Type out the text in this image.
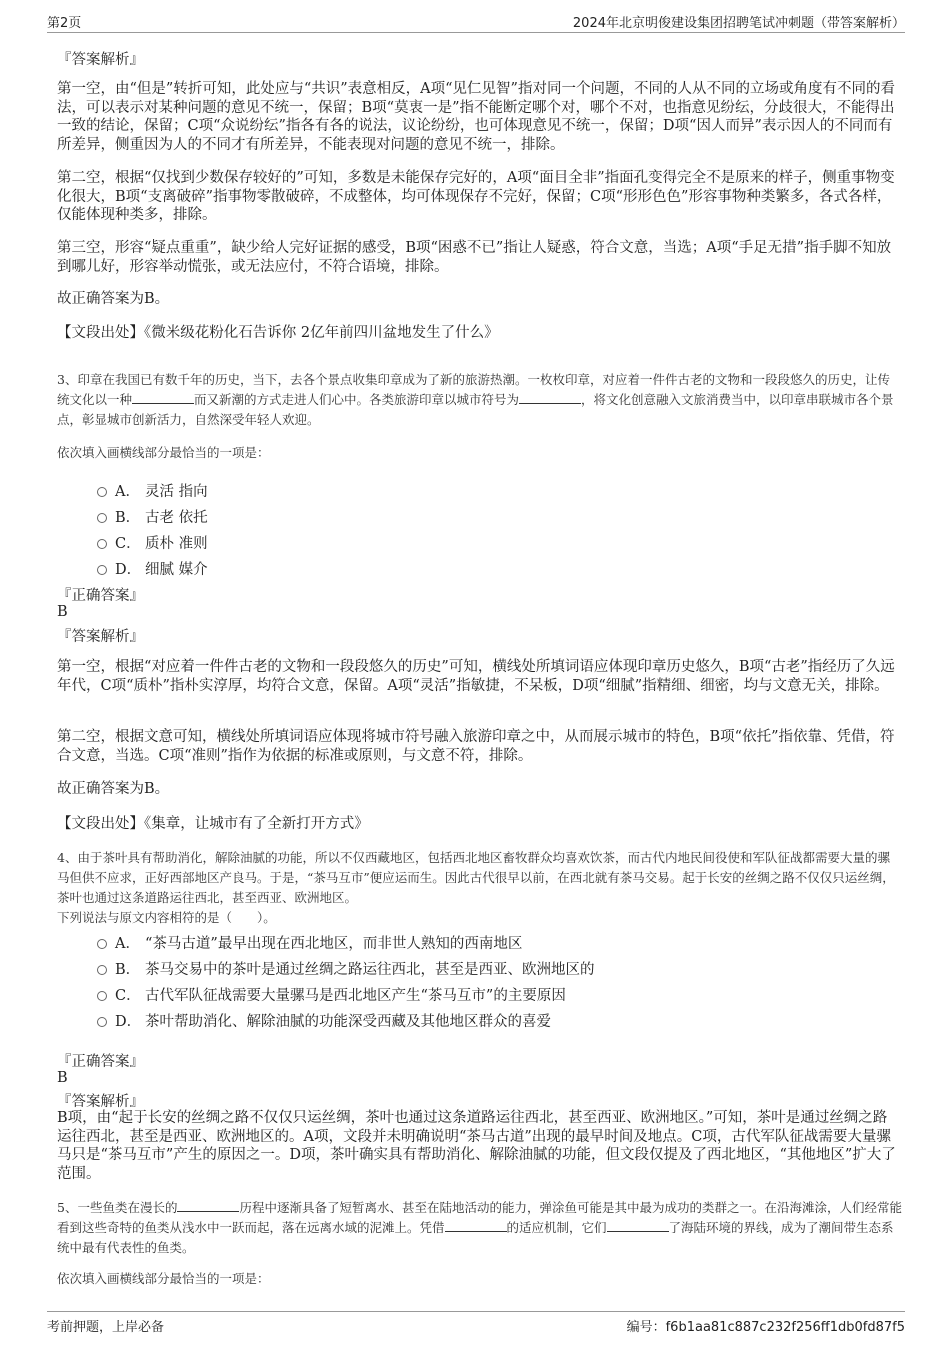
第2页	2024年北京明俊建设集团招聘笔试冲刺题（带答案解析）
『答案解析』
第一空，由“但是”转折可知，此处应与“共识”表意相反，A项“见仁见智”指对同一个问题，不同的人从不同的立场或角度有不同的看法，可以表示对某种问题的意见不统一，保留；B项“莫衷一是”指不能断定哪个对，哪个不对，也指意见纷纭，分歧很大，不能得出一致的结论，保留；C项“众说纷纭”指各有各的说法，议论纷纷，也可体现意见不统一，保留；D项“因人而异”表示因人的不同而有所差异，侧重因为人的不同才有所差异，不能表现对问题的意见不统一，排除。
第二空，根据“仅找到少数保存较好的”可知，多数是未能保存完好的，A项“面目全非”指面孔变得完全不是原来的样子，侧重事物变化很大，B项“支离破碎”指事物零散破碎，不成整体，均可体现保存不完好，保留；C项“形形色色”形容事物种类繁多，各式各样，仅能体现种类多，排除。
第三空，形容“疑点重重”，缺少给人完好证据的感受，B项“困惑不已”指让人疑惑，符合文意，当选；A项“手足无措”指手脚不知放到哪儿好，形容举动慌张，或无法应付，不符合语境，排除。
故正确答案为B。
【文段出处】《微米级花粉化石告诉你 2亿年前四川盆地发生了什么》
3、印章在我国已有数千年的历史，当下，去各个景点收集印章成为了新的旅游热潮。一枚枚印章，对应着一件件古老的文物和一段段悠久的历史，让传统文化以一种	而又新潮的方式走进人们心中。各类旅游印章以城市符号为	，将文化创意融入文旅消费当中，以印章串联城市各个景点，彰显城市创新活力，自然深受年轻人欢迎。
依次填入画横线部分最恰当的一项是：
A． 灵活 指向
B． 古老 依托
C． 质朴 准则
D． 细腻 媒介
『正确答案』
B
『答案解析』
第一空，根据“对应着一件件古老的文物和一段段悠久的历史”可知，横线处所填词语应体现印章历史悠久，B项“古老”指经历了久远年代，C项“质朴”指朴实淳厚，均符合文意，保留。A项“灵活”指敏捷，不呆板，D项“细腻”指精细、细密，均与文意无关，排除。
第二空，根据文意可知，横线处所填词语应体现将城市符号融入旅游印章之中，从而展示城市的特色，B项“依托”指依靠、凭借，符合文意，当选。C项“准则”指作为依据的标准或原则，与文意不符，排除。
故正确答案为B。
【文段出处】《集章，让城市有了全新打开方式》
4、由于茶叶具有帮助消化，解除油腻的功能，所以不仅西藏地区，包括西北地区畜牧群众均喜欢饮茶，而古代内地民间役使和军队征战都需要大量的骡马但供不应求，正好西部地区产良马。于是，“茶马互市”便应运而生。因此古代很早以前，在西北就有茶马交易。起于长安的丝绸之路不仅仅只运丝绸，茶叶也通过这条道路运往西北，甚至西亚、欧洲地区。
下列说法与原文内容相符的是（　　）。
A． “茶马古道”最早出现在西北地区，而非世人熟知的西南地区
B． 茶马交易中的茶叶是通过丝绸之路运往西北，甚至是西亚、欧洲地区的
C． 古代军队征战需要大量骡马是西北地区产生“茶马互市”的主要原因
D． 茶叶帮助消化、解除油腻的功能深受西藏及其他地区群众的喜爱
『正确答案』
B
『答案解析』
B项，由“起于长安的丝绸之路不仅仅只运丝绸，茶叶也通过这条道路运往西北，甚至西亚、欧洲地区。”可知，茶叶是通过丝绸之路运往西北，甚至是西亚、欧洲地区的。A项，文段并未明确说明“茶马古道”出现的最早时间及地点。C项，古代军队征战需要大量骡马只是“茶马互市”产生的原因之一。D项，茶叶确实具有帮助消化、解除油腻的功能，但文段仅提及了西北地区，“其他地区”扩大了范围。
5、一些鱼类在漫长的	历程中逐渐具备了短暂离水、甚至在陆地活动的能力，弹涂鱼可能是其中最为成功的类群之一。在沿海滩涂，人们经常能看到这些奇特的鱼类从浅水中一跃而起，落在远离水域的泥滩上。凭借	的适应机制，它们	了海陆环境的界线，成为了潮间带生态系统中最有代表性的鱼类。
依次填入画横线部分最恰当的一项是：
考前押题，上岸必备	编号：f6b1aa81c887c232f256ff1db0fd87f5
